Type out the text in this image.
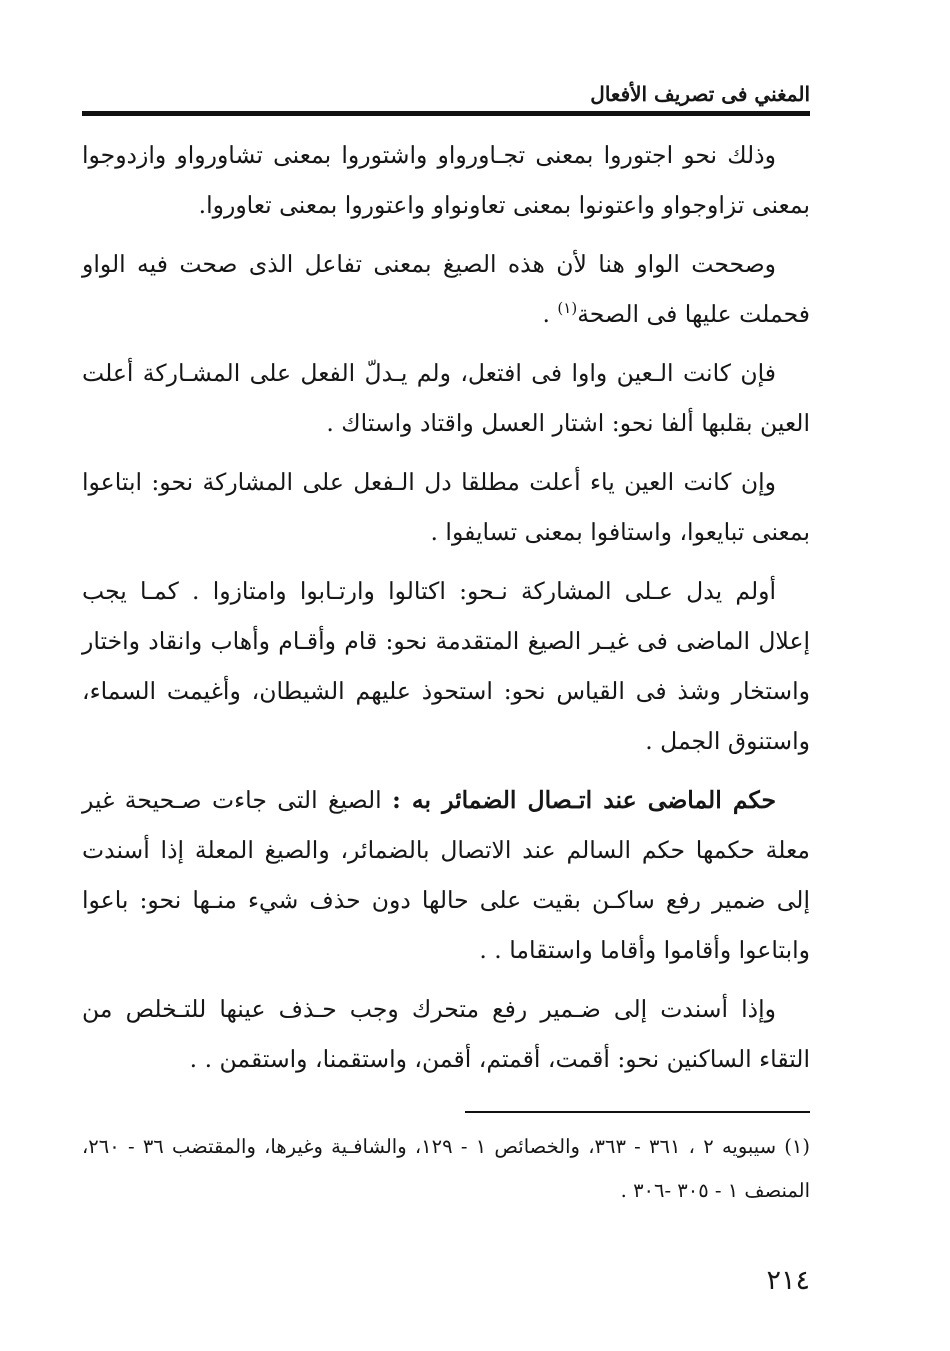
المغني فى تصريف الأفعال

وذلك نحو اجتوروا بمعنى تجـاورواو واشتوروا بمعنى تشاورواو وازدوجوا بمعنى تزاوجواو واعتونوا بمعنى تعاونواو واعتوروا بمعنى تعاوروا.

وصححت الواو هنا لأن هذه الصيغ بمعنى تفاعل الذى صحت فيه الواو فحملت عليها فى الصحة$^{(١)}$ .

فإن كانت الـعين واوا فى افتعل، ولم يـدلّ الفعل على المشـاركة أعلت العين بقلبها ألفا نحو: اشتار العسل واقتاد واستاك .

وإن كانت العين ياء أعلت مطلقا دل الـفعل على المشاركة نحو: ابتاعوا بمعنى تبايعوا، واستافوا بمعنى تسايفوا .

أولم يدل عـلى المشاركة نـحو: اكتالوا وارتـابوا وامتازوا . كمـا يجب إعلال الماضى فى غيـر الصيغ المتقدمة نحو: قام وأقـام وأهاب وانقاد واختار واستخار وشذ فى القياس نحو: استحوذ عليهم الشيطان، وأغيمت السماء، واستنوق الجمل .

حكم الماضى عند اتـصال الضمائر به : الصيغ التى جاءت صـحيحة غير معلة حكمها حكم السالم عند الاتصال بالضمائر، والصيغ المعلة إذا أسندت إلى ضمير رفع ساكـن بقيت على حالها دون حذف شيء منـها نحو: باعوا وابتاعوا وأقاموا وأقاما واستقاما . .

وإذا أسندت إلى ضـمير رفع متحرك وجب حـذف عينها للتـخلص من التقاء الساكنين نحو: أقمت، أقمتم، أقمن، واستقمنا، واستقمن . .

(١) سيبويه ٢ ، ٣٦١ - ٣٦٣، والخصائص ١ - ١٢٩، والشافـية وغيرها، والمقتضب ٣٦ - ٢٦٠، المنصف ١ - ٣٠٥ -٣٠٦ .
٢١٤
